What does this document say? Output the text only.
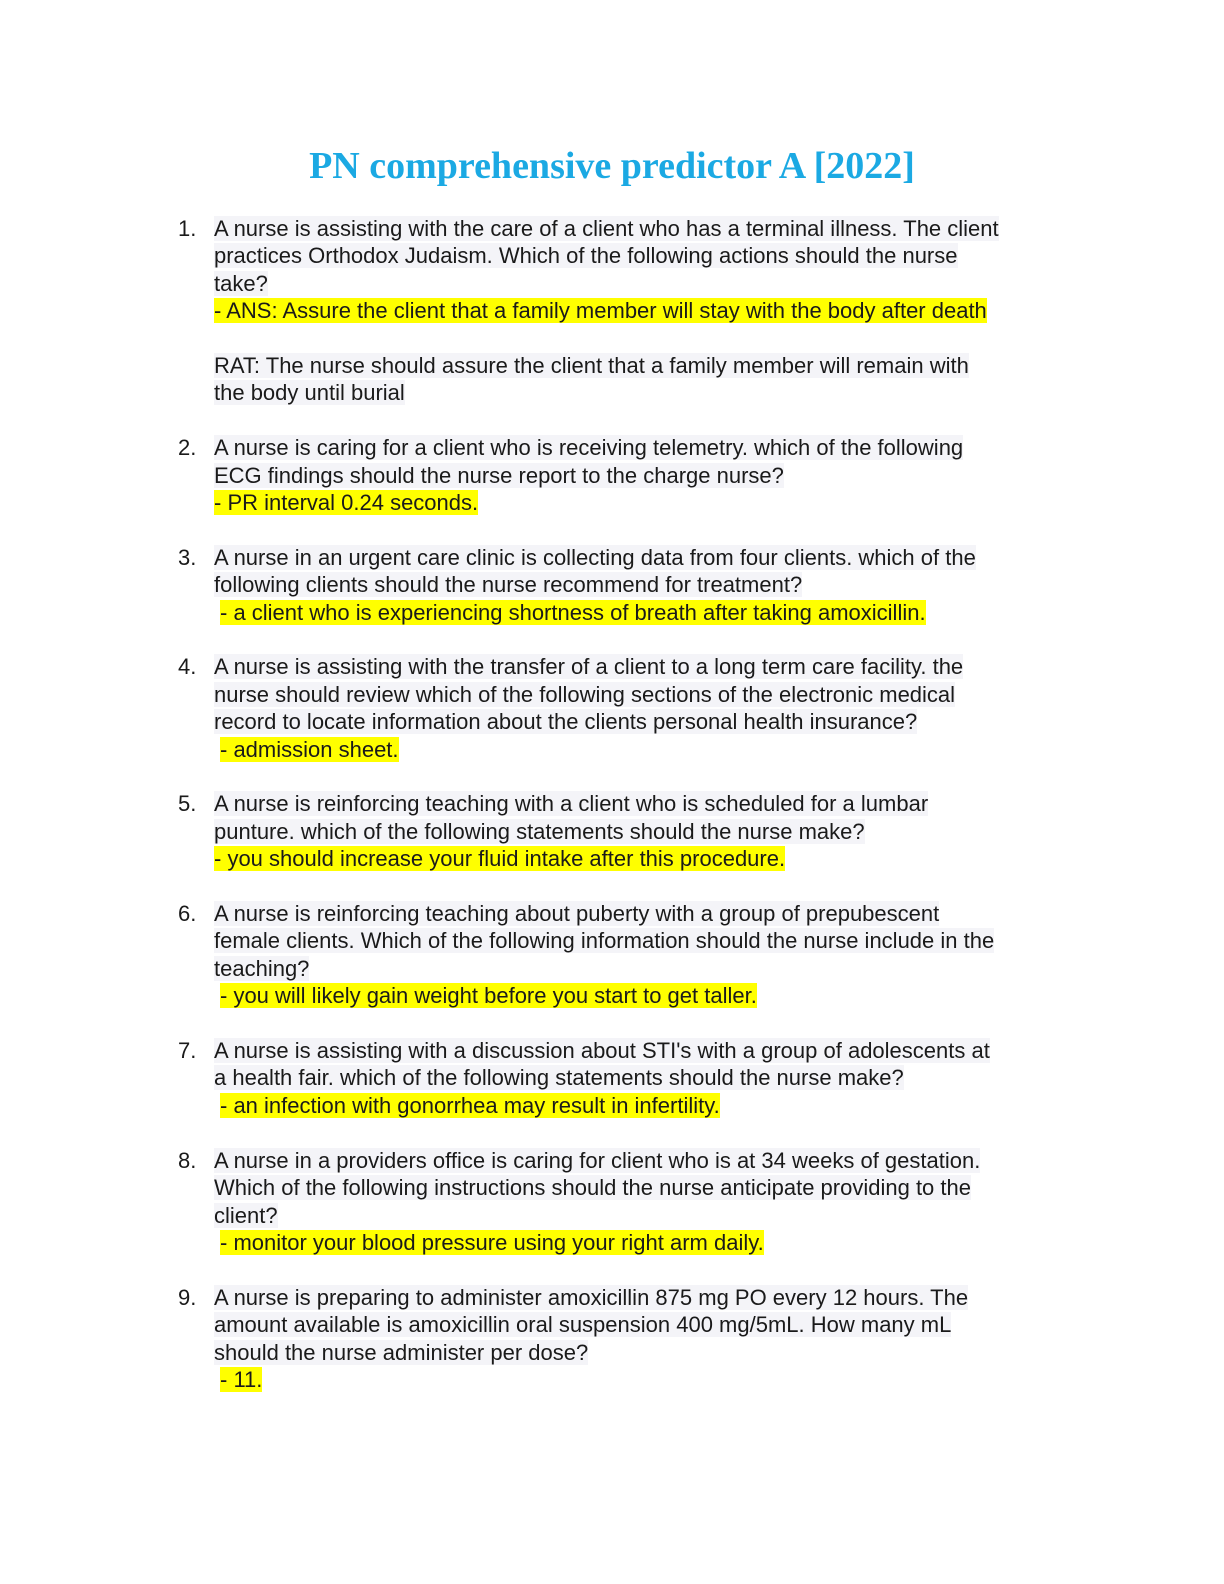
PN comprehensive predictor A [2022]
1. A nurse is assisting with the care of a client who has a terminal illness. The client
practices Orthodox Judaism. Which of the following actions should the nurse
take?
- ANS: Assure the client that a family member will stay with the body after death
RAT: The nurse should assure the client that a family member will remain with
the body until burial
2. A nurse is caring for a client who is receiving telemetry. which of the following
ECG findings should the nurse report to the charge nurse?
- PR interval 0.24 seconds.
3. A nurse in an urgent care clinic is collecting data from four clients. which of the
following clients should the nurse recommend for treatment?
- a client who is experiencing shortness of breath after taking amoxicillin.
4. A nurse is assisting with the transfer of a client to a long term care facility. the
nurse should review which of the following sections of the electronic medical
record to locate information about the clients personal health insurance?
- admission sheet.
5. A nurse is reinforcing teaching with a client who is scheduled for a lumbar
punture. which of the following statements should the nurse make?
- you should increase your fluid intake after this procedure.
6. A nurse is reinforcing teaching about puberty with a group of prepubescent
female clients. Which of the following information should the nurse include in the
teaching?
- you will likely gain weight before you start to get taller.
7. A nurse is assisting with a discussion about STI's with a group of adolescents at
a health fair. which of the following statements should the nurse make?
- an infection with gonorrhea may result in infertility.
8. A nurse in a providers office is caring for client who is at 34 weeks of gestation.
Which of the following instructions should the nurse anticipate providing to the
client?
- monitor your blood pressure using your right arm daily.
9. A nurse is preparing to administer amoxicillin 875 mg PO every 12 hours. The
amount available is amoxicillin oral suspension 400 mg/5mL. How many mL
should the nurse administer per dose?
- 11.
